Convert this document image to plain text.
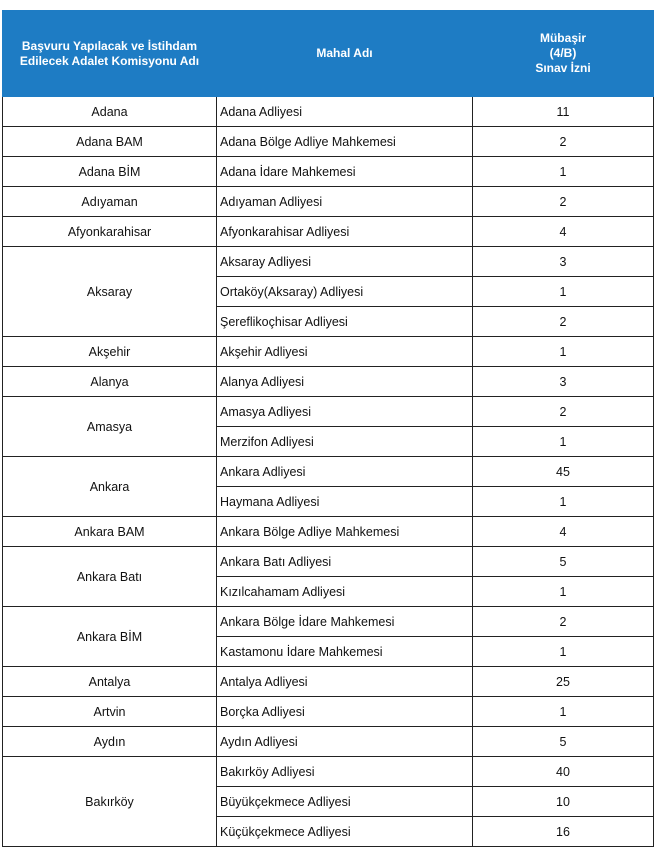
Başvuru Yapılacak ve İstihdam Edilecek Adalet Komisyonu Adı	Mahal Adı	Mübaşir
(4/B)
Sınav İzni

Adana	Adana Adliyesi	11
Adana BAM	Adana Bölge Adliye Mahkemesi	2
Adana BİM	Adana İdare Mahkemesi	1
Adıyaman	Adıyaman Adliyesi	2
Afyonkarahisar	Afyonkarahisar Adliyesi	4
Aksaray	Aksaray Adliyesi	3
	Ortaköy(Aksaray) Adliyesi	1
	Şereflikoçhisar Adliyesi	2
Akşehir	Akşehir Adliyesi	1
Alanya	Alanya Adliyesi	3
Amasya	Amasya Adliyesi	2
	Merzifon Adliyesi	1
Ankara	Ankara Adliyesi	45
	Haymana Adliyesi	1
Ankara BAM	Ankara Bölge Adliye Mahkemesi	4
Ankara Batı	Ankara Batı Adliyesi	5
	Kızılcahamam Adliyesi	1
Ankara BİM	Ankara Bölge İdare Mahkemesi	2
	Kastamonu İdare Mahkemesi	1
Antalya	Antalya Adliyesi	25
Artvin	Borçka Adliyesi	1
Aydın	Aydın Adliyesi	5
Bakırköy	Bakırköy Adliyesi	40
	Büyükçekmece Adliyesi	10
	Küçükçekmece Adliyesi	16
